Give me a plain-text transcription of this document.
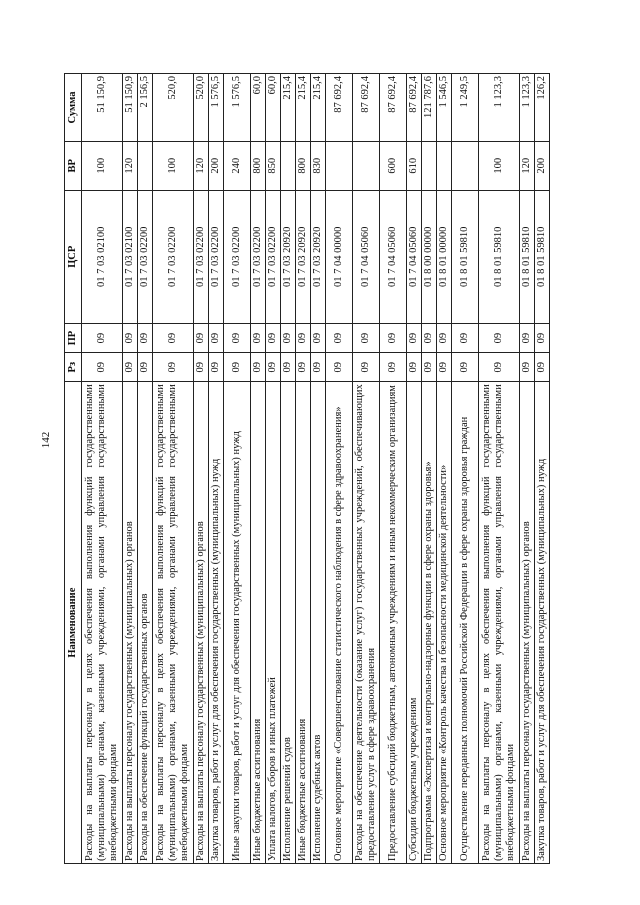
142
Наименование	Рз	ПР	ЦСР	ВР	Сумма
Расходы на выплаты персоналу в целях обеспечения выполнения функций государственными (муниципальными) органами, казенными учреждениями, органами управления государственными внебюджетными фондами	09	09	01 7 03 02100	100	51 150,9
Расходы на выплаты персоналу государственных (муниципальных) органов	09	09	01 7 03 02100	120	51 150,9
Расходы на обеспечение функций государственных органов	09	09	01 7 03 02200		2 156,5
Расходы на выплаты персоналу в целях обеспечения выполнения функций государственными (муниципальными) органами, казенными учреждениями, органами управления государственными внебюджетными фондами	09	09	01 7 03 02200	100	520,0
Расходы на выплаты персоналу государственных (муниципальных) органов	09	09	01 7 03 02200	120	520,0
Закупка товаров, работ и услуг для обеспечения государственных (муниципальных) нужд	09	09	01 7 03 02200	200	1 576,5
Иные закупки товаров, работ и услуг для обеспечения государственных (муниципальных) нужд	09	09	01 7 03 02200	240	1 576,5
Иные бюджетные ассигнования	09	09	01 7 03 02200	800	60,0
Уплата налогов, сборов и иных платежей	09	09	01 7 03 02200	850	60,0
Исполнение решений судов	09	09	01 7 03 20920		215,4
Иные бюджетные ассигнования	09	09	01 7 03 20920	800	215,4
Исполнение судебных актов	09	09	01 7 03 20920	830	215,4
Основное мероприятие «Совершенствование статистического наблюдения в сфере здравоохранения»	09	09	01 7 04 00000		87 692,4
Расходы на обеспечение деятельности (оказание услуг) государственных учреждений, обеспечивающих предоставление услуг в сфере здравоохранения	09	09	01 7 04 05060		87 692,4
Предоставление субсидий бюджетным, автономным учреждениям и иным некоммерческим организациям	09	09	01 7 04 05060	600	87 692,4
Субсидии бюджетным учреждениям	09	09	01 7 04 05060	610	87 692,4
Подпрограмма «Экспертиза и контрольно-надзорные функции в сфере охраны здоровья»	09	09	01 8 00 00000		121 787,6
Основное мероприятие «Контроль качества и безопасности медицинской деятельности»	09	09	01 8 01 00000		1 546,5
Осуществление переданных полномочий Российской Федерации в сфере охраны здоровья граждан	09	09	01 8 01 59810		1 249,5
Расходы на выплаты персоналу в целях обеспечения выполнения функций государственными (муниципальными) органами, казенными учреждениями, органами управления государственными внебюджетными фондами	09	09	01 8 01 59810	100	1 123,3
Расходы на выплаты персоналу государственных (муниципальных) органов	09	09	01 8 01 59810	120	1 123,3
Закупка товаров, работ и услуг для обеспечения государственных (муниципальных) нужд	09	09	01 8 01 59810	200	126,2
